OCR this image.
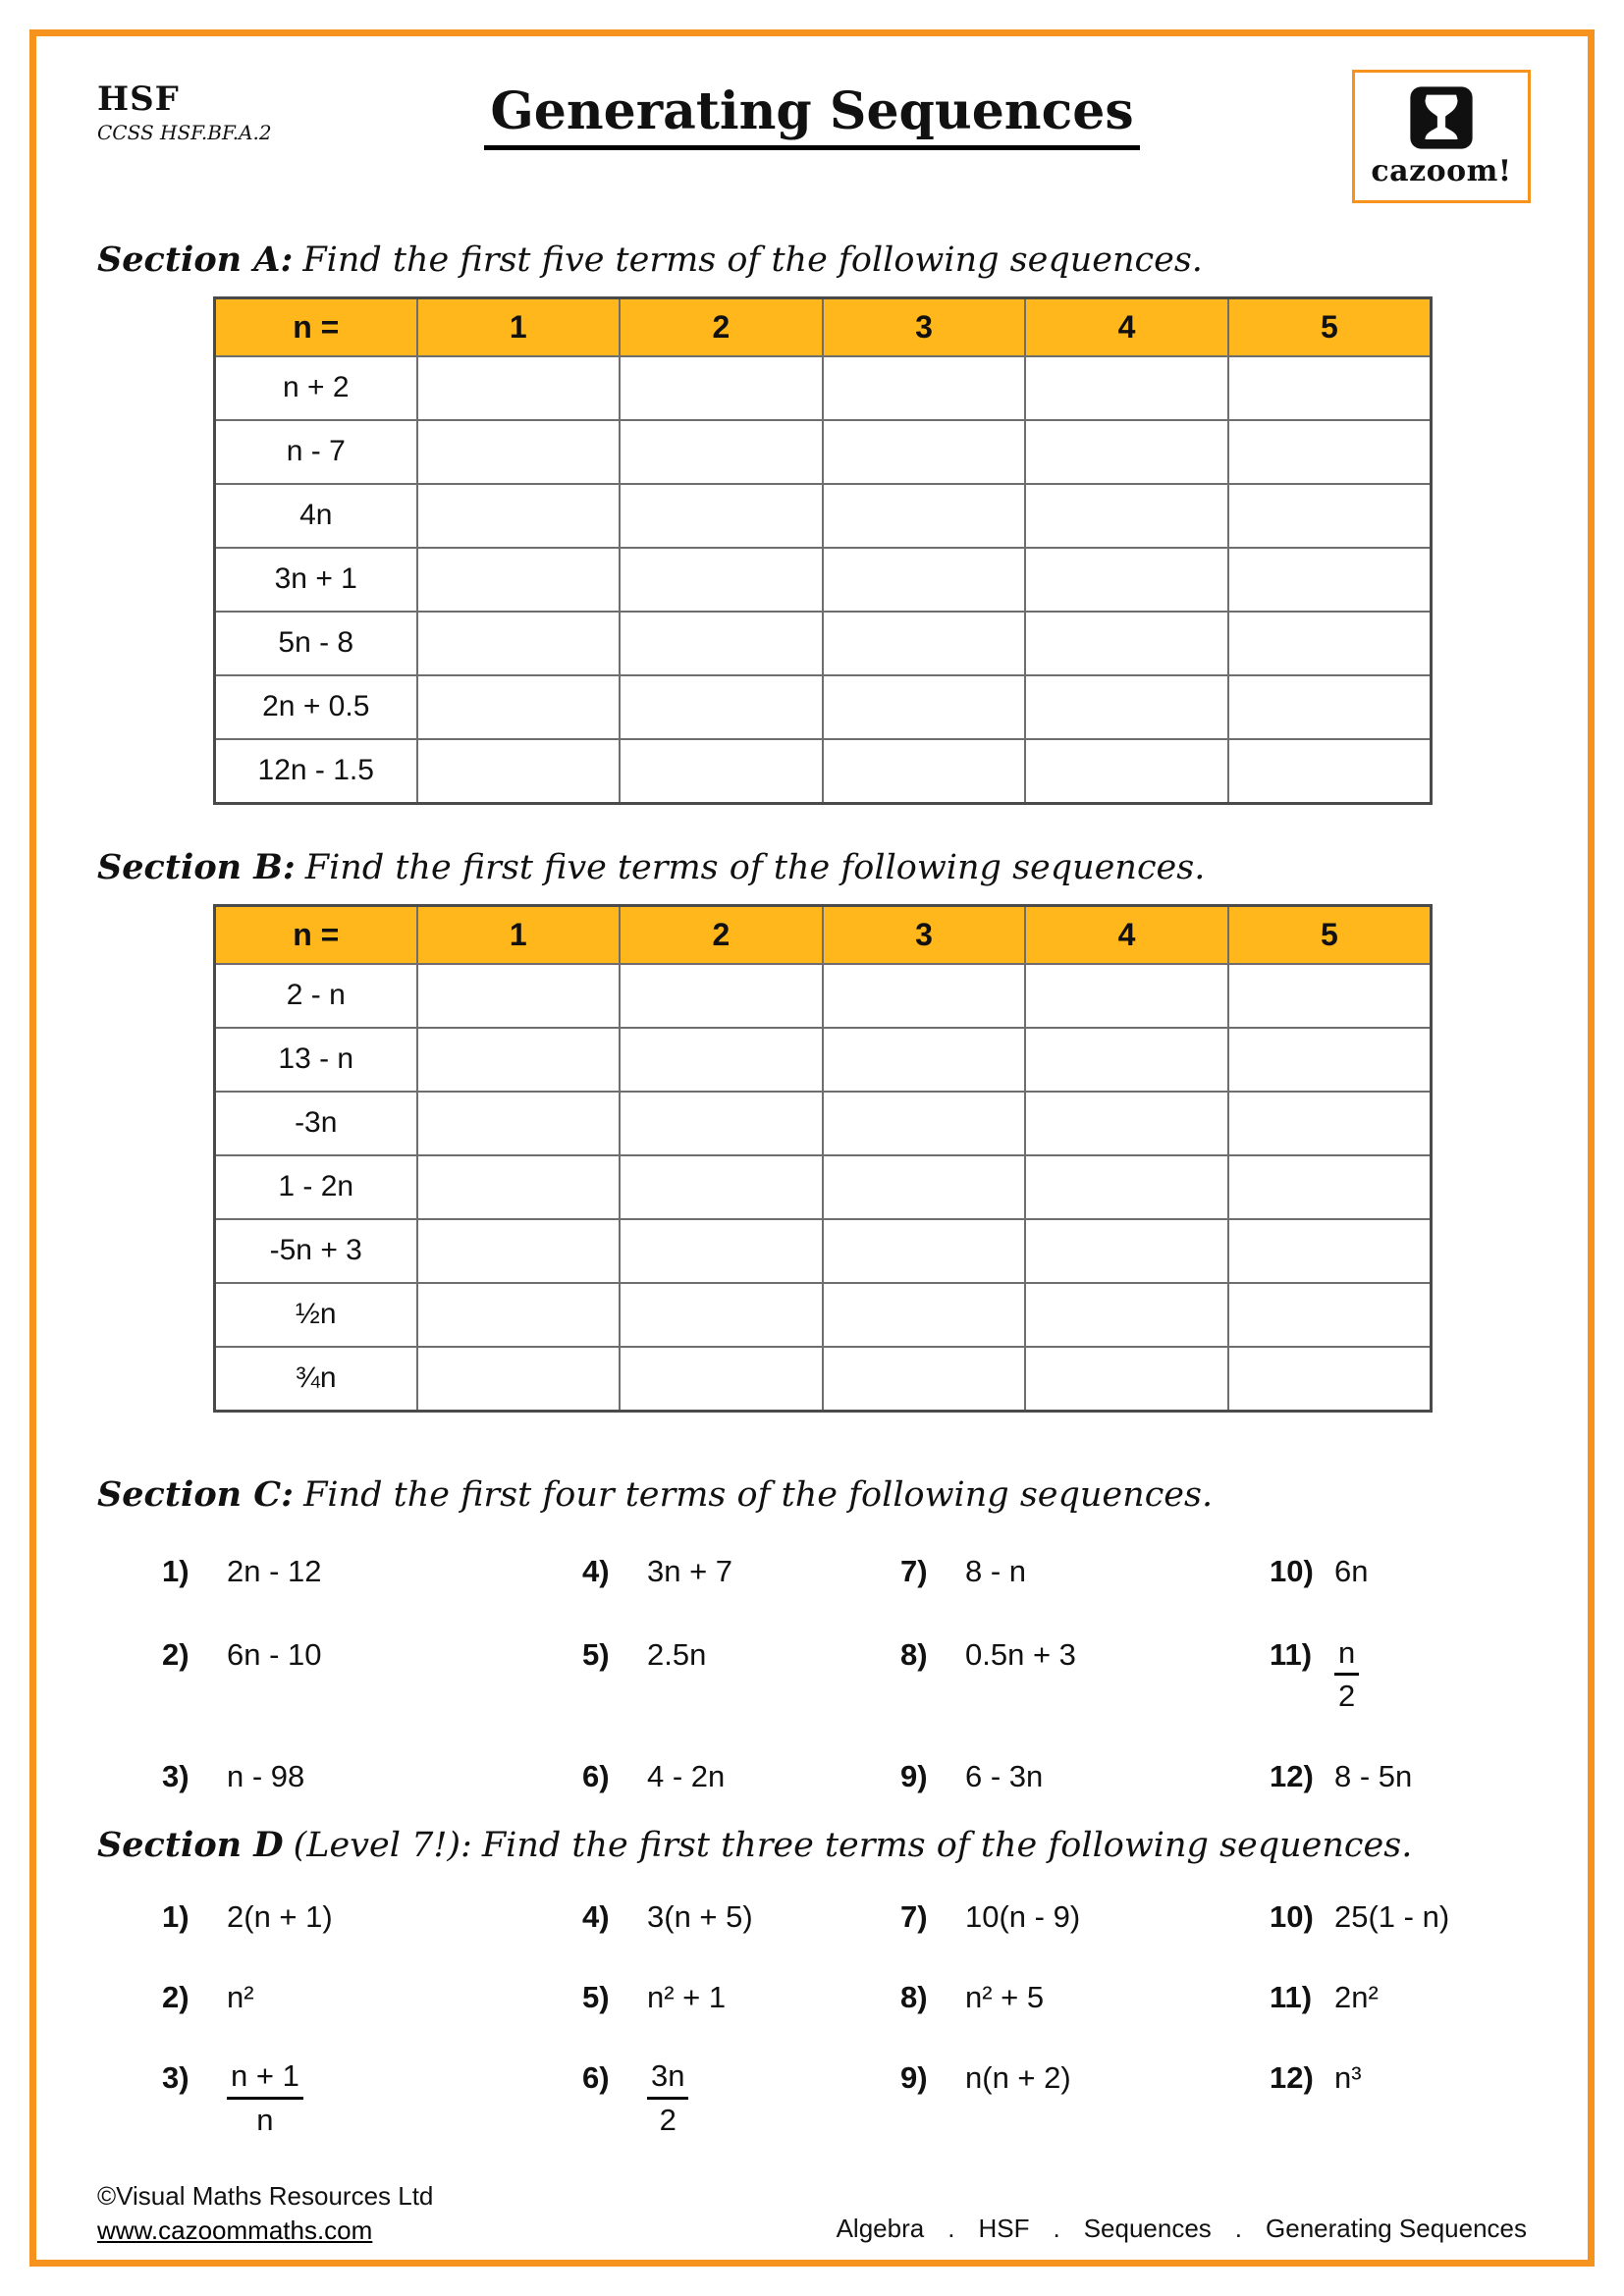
HSF
CCSS HSF.BF.A.2	Generating Sequences
cazoom!
Section A: Find the first five terms of the following sequences.
n =	1	2	3	4	5
n + 2					
n - 7					
4n					
3n + 1					
5n - 8					
2n + 0.5					
12n - 1.5					
Section B: Find the first five terms of the following sequences.
n =	1	2	3	4	5
2 - n					
13 - n					
-3n					
1 - 2n					
-5n + 3					
½n					
¾n					
Section C: Find the first four terms of the following sequences.
1)	2n - 12	4)	3n + 7	7)	8 - n	10) 6n
2)	6n - 10	5)	2.5n	8)	0.5n + 3	$11) \frac{n}{2}$
3)	n - 98	6)	4 - 2n	9)	6 - 3n	12) 8 - 5n
Section D (Level 7!): Find the first three terms of the following sequences.
1)	2(n + 1)	4)	3(n + 5)	7)	10(n - 9)	10) 25(1 - n)
2)	n²	5)	n² + 1	8)	n² + 5	11) 2n²
3)	$\frac{n + 1}{n}$	6)	$\frac{3n}{2}$	9)	n(n + 2)	12) n³
©Visual Maths Resources Ltd
www.cazoommaths.com	Algebra . HSF . Sequences . Generating Sequences
